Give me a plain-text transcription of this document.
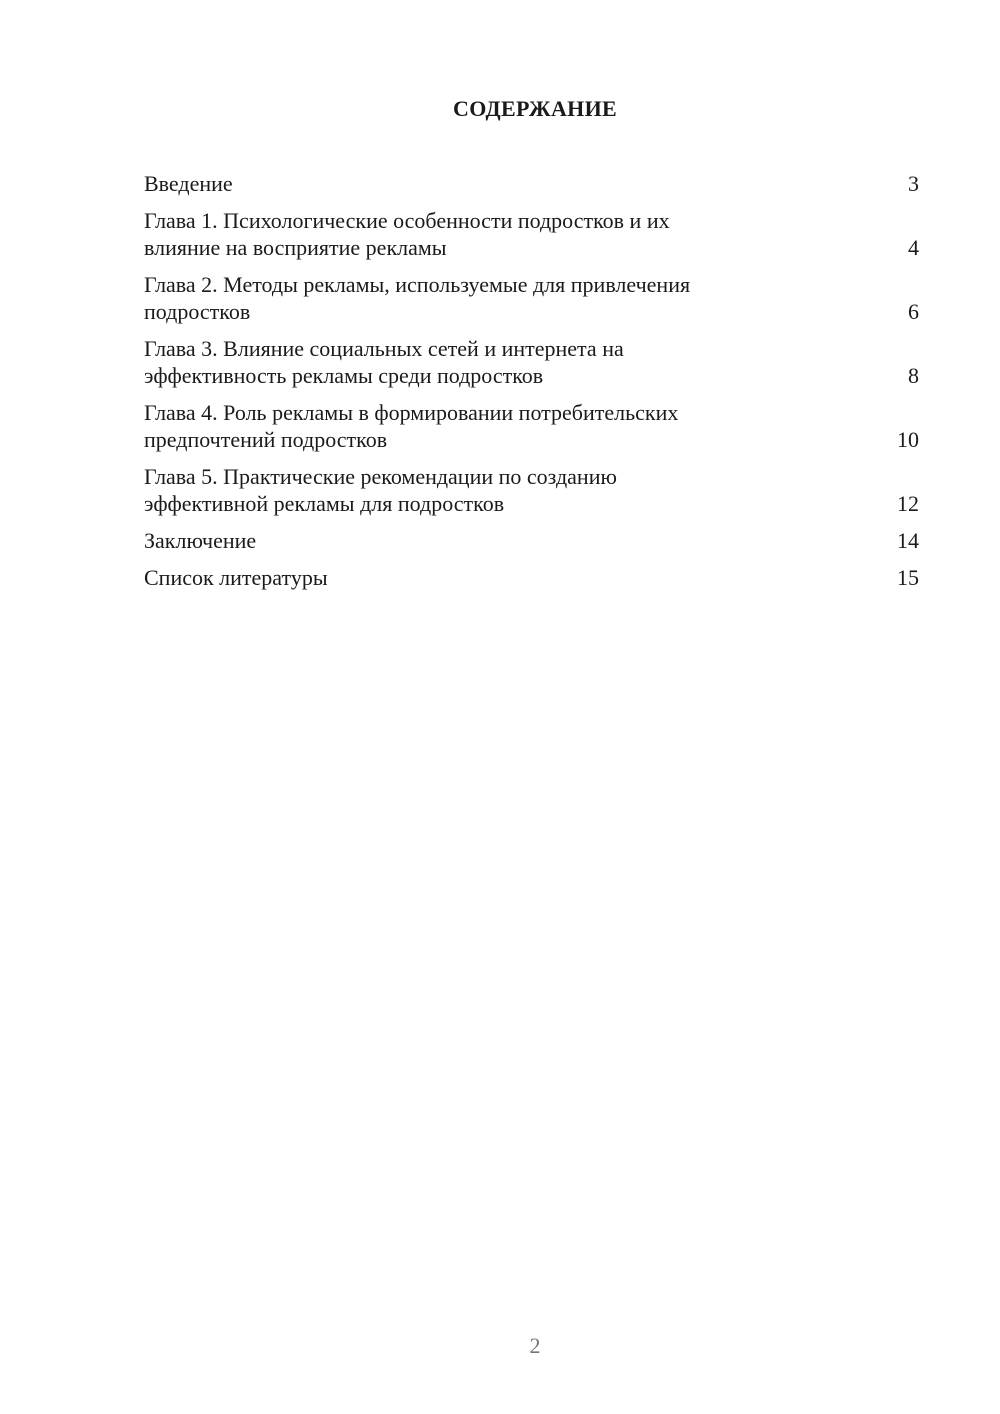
СОДЕРЖАНИЕ
Введение	3
Глава 1. Психологические особенности подростков и их
влияние на восприятие рекламы	4
Глава 2. Методы рекламы, используемые для привлечения
подростков	6
Глава 3. Влияние социальных сетей и интернета на
эффективность рекламы среди подростков	8
Глава 4. Роль рекламы в формировании потребительских
предпочтений подростков	10
Глава 5. Практические рекомендации по созданию
эффективной рекламы для подростков	12
Заключение	14
Список литературы	15
2
